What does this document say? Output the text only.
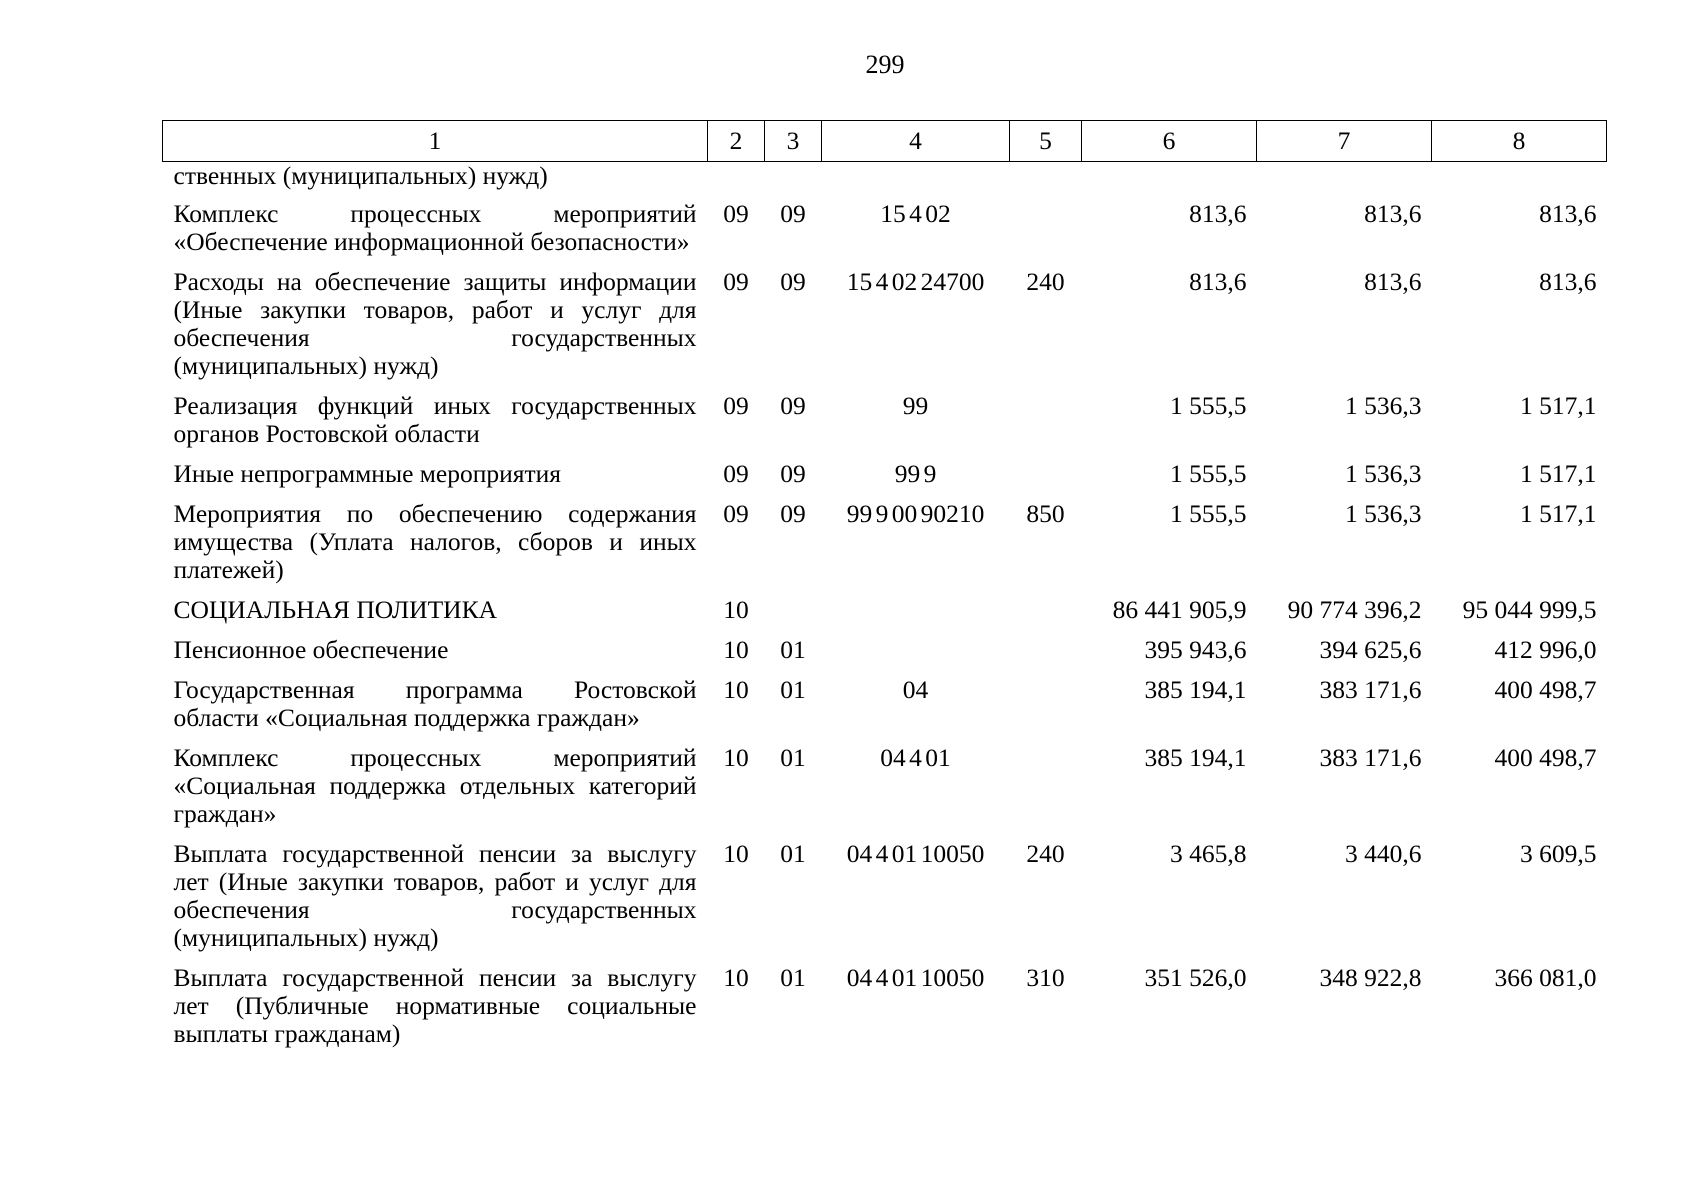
299
1	2	3	4	5	6	7	8
ственных (муниципальных) нужд)							
Комплекс процессных мероприятий «Обеспечение информационной безопасности»	09	09	15 4 02		813,6	813,6	813,6
Расходы на обеспечение защиты информации (Иные закупки товаров, работ и услуг для обеспечения государственных (муниципальных) нужд)	09	09	15 4 02 24700	240	813,6	813,6	813,6
Реализация функций иных государственных органов Ростовской области	09	09	99		1 555,5	1 536,3	1 517,1
Иные непрограммные мероприятия	09	09	99 9		1 555,5	1 536,3	1 517,1
Мероприятия по обеспечению содержания имущества (Уплата налогов, сборов и иных платежей)	09	09	99 9 00 90210	850	1 555,5	1 536,3	1 517,1
СОЦИАЛЬНАЯ ПОЛИТИКА	10				86 441 905,9	90 774 396,2	95 044 999,5
Пенсионное обеспечение	10	01			395 943,6	394 625,6	412 996,0
Государственная программа Ростовской области «Социальная поддержка граждан»	10	01	04		385 194,1	383 171,6	400 498,7
Комплекс процессных мероприятий «Социальная поддержка отдельных категорий граждан»	10	01	04 4 01		385 194,1	383 171,6	400 498,7
Выплата государственной пенсии за выслугу лет (Иные закупки товаров, работ и услуг для обеспечения государственных (муниципальных) нужд)	10	01	04 4 01 10050	240	3 465,8	3 440,6	3 609,5
Выплата государственной пенсии за выслугу лет (Публичные нормативные социальные выплаты гражданам)	10	01	04 4 01 10050	310	351 526,0	348 922,8	366 081,0
